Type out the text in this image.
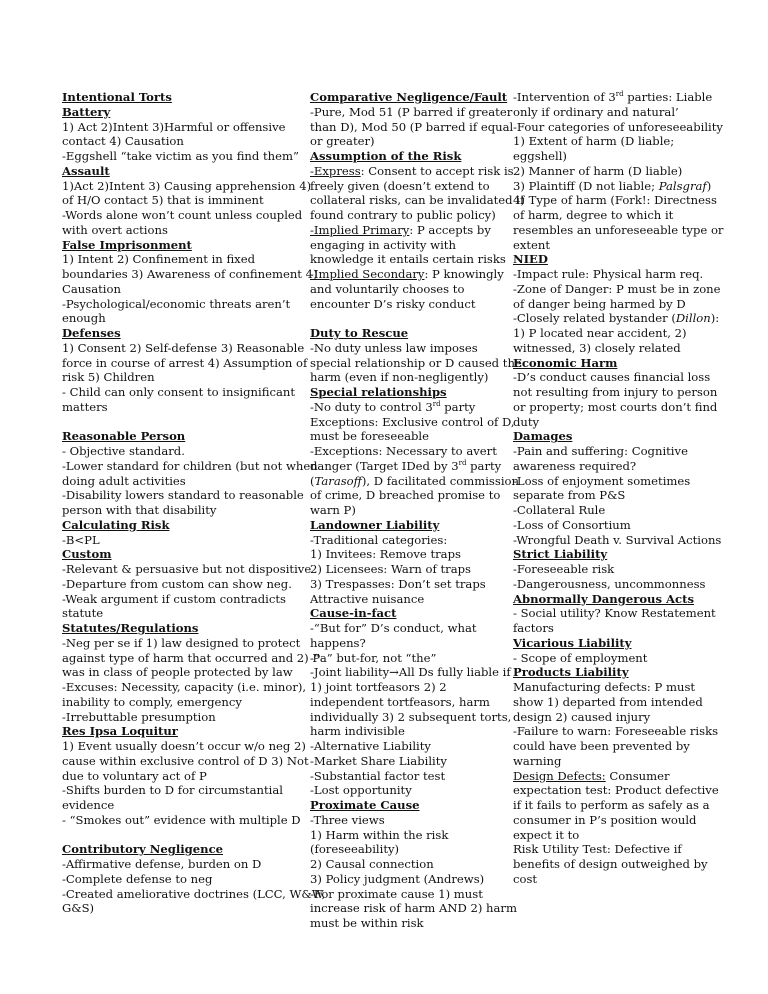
Intentional Torts
Battery
1) Act 2)Intent 3)Harmful or offensive
contact 4) Causation
-Eggshell “take victim as you find them”
Assault
1)Act 2)Intent 3) Causing apprehension 4)
of H/O contact 5) that is imminent
-Words alone won’t count unless coupled
with overt actions
False Imprisonment
1) Intent 2) Confinement in fixed
boundaries 3) Awareness of confinement 4)
Causation
-Psychological/economic threats aren’t
enough
Defenses
1) Consent 2) Self-defense 3) Reasonable
force in course of arrest 4) Assumption of
risk 5) Children
- Child can only consent to insignificant
matters
Reasonable Person
- Objective standard.
-Lower standard for children (but not when
doing adult activities
-Disability lowers standard to reasonable
person with that disability
Calculating Risk
-B<PL
Custom
-Relevant & persuasive but not dispositive
-Departure from custom can show neg.
-Weak argument if custom contradicts
statute
Statutes/Regulations
-Neg per se if 1) law designed to protect
against type of harm that occurred and 2) P
was in class of people protected by law
-Excuses: Necessity, capacity (i.e. minor),
inability to comply, emergency
-Irrebuttable presumption
Res Ipsa Loquitur
1) Event usually doesn’t occur w/o neg 2)
cause within exclusive control of D 3) Not
due to voluntary act of P
-Shifts burden to D for circumstantial
evidence
- “Smokes out” evidence with multiple D
Contributory Negligence
-Affirmative defense, burden on D
-Complete defense to neg
-Created ameliorative doctrines (LCC, W&W,
G&S)
Comparative Negligence/Fault
-Pure, Mod 51 (P barred if greater
than D), Mod 50 (P barred if equal
or greater)
Assumption of the Risk
-Express: Consent to accept risk is
freely given (doesn’t extend to
collateral risks, can be invalidated if
found contrary to public policy)
-Implied Primary: P accepts by
engaging in activity with
knowledge it entails certain risks
-Implied Secondary: P knowingly
and voluntarily chooses to
encounter D’s risky conduct
Duty to Rescue
-No duty unless law imposes
special relationship or D caused the
harm (even if non-negligently)
Special relationships
-No duty to control 3rd party
Exceptions: Exclusive control of D,
must be foreseeable
-Exceptions: Necessary to avert
danger (Target IDed by 3rd party
(Tarasoff), D facilitated commission
of crime, D breached promise to
warn P)
Landowner Liability
-Traditional categories:
1) Invitees: Remove traps
2) Licensees: Warn of traps
3) Trespasses: Don’t set traps
Attractive nuisance
Cause-in-fact
-“But for” D’s conduct, what
happens?
-“a” but-for, not “the”
-Joint liability→All Ds fully liable if
1) joint tortfeasors 2) 2
independent tortfeasors, harm
individually 3) 2 subsequent torts,
harm indivisible
-Alternative Liability
-Market Share Liability
-Substantial factor test
-Lost opportunity
Proximate Cause
-Three views
1) Harm within the risk
(foreseeability)
2) Causal connection
3) Policy judgment (Andrews)
-For proximate cause 1) must
increase risk of harm AND 2) harm
must be within risk
-Intervention of 3rd parties: Liable
only if ordinary and natural’
-Four categories of unforeseeability
1) Extent of harm (D liable;
eggshell)
2) Manner of harm (D liable)
3) Plaintiff (D not liable; Palsgraf)
4) Type of harm (Fork!: Directness
of harm, degree to which it
resembles an unforeseeable type or
extent
NIED
-Impact rule: Physical harm req.
-Zone of Danger: P must be in zone
of danger being harmed by D
-Closely related bystander (Dillon):
1) P located near accident, 2)
witnessed, 3) closely related
Economic Harm
-D’s conduct causes financial loss
not resulting from injury to person
or property; most courts don’t find
duty
Damages
-Pain and suffering: Cognitive
awareness required?
-Loss of enjoyment sometimes
separate from P&S
-Collateral Rule
-Loss of Consortium
-Wrongful Death v. Survival Actions
Strict Liability
-Foreseeable risk
-Dangerousness, uncommonness
Abnormally Dangerous Acts
- Social utility? Know Restatement
factors
Vicarious Liability
- Scope of employment
Products Liability
Manufacturing defects: P must
show 1) departed from intended
design 2) caused injury
-Failure to warn: Foreseeable risks
could have been prevented by
warning
Design Defects: Consumer
expectation test: Product defective
if it fails to perform as safely as a
consumer in P’s position would
expect it to
Risk Utility Test: Defective if
benefits of design outweighed by
cost
